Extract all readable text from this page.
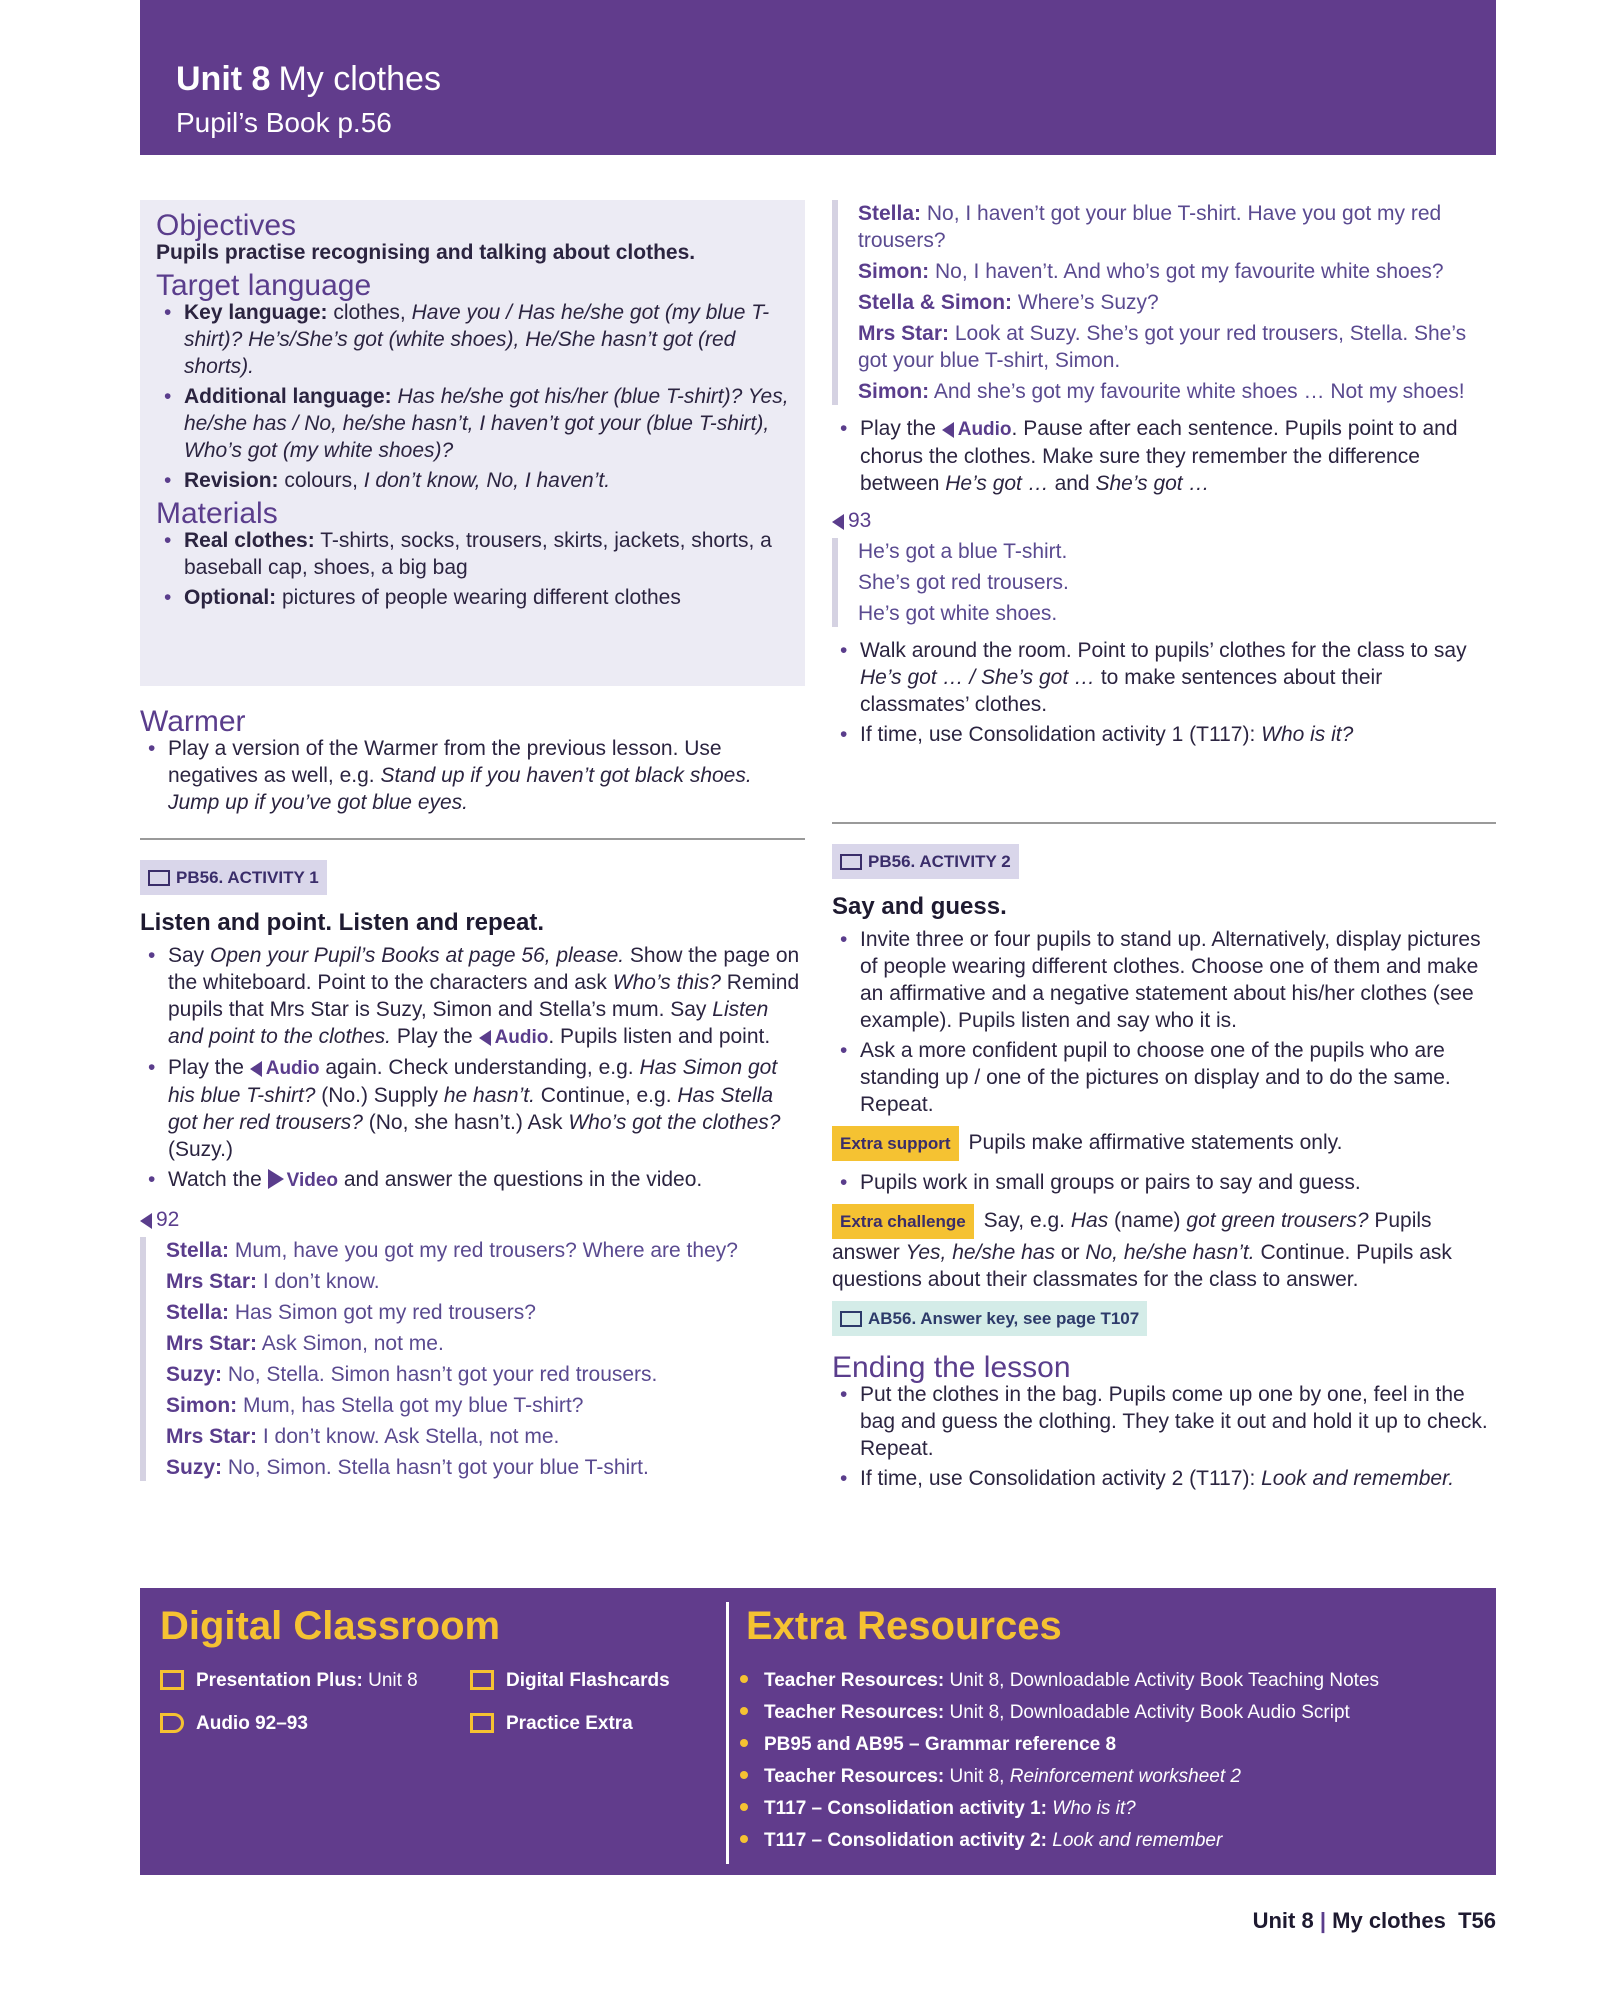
Unit 8 My clothes
Pupil’s Book p.56
Objectives

Pupils practise recognising and talking about clothes.

Target language
• Key language: clothes, Have you / Has he/she got (my blue T-shirt)? He’s/She’s got (white shoes), He/She hasn’t got (red shorts).
• Additional language: Has he/she got his/her (blue T-shirt)? Yes, he/she has / No, he/she hasn’t, I haven’t got your (blue T-shirt), Who’s got (my white shoes)?
• Revision: colours, I don’t know, No, I haven’t.
Materials
• Real clothes: T-shirts, socks, trousers, skirts, jackets, shorts, a baseball cap, shoes, a big bag
• Optional: pictures of people wearing different clothes
Warmer
• Play a version of the Warmer from the previous lesson. Use negatives as well, e.g. Stand up if you haven’t got black shoes. Jump up if you’ve got blue eyes.
PB56. ACTIVITY 1
Listen and point. Listen and repeat.
• Say Open your Pupil’s Books at page 56, please. Show the page on the whiteboard. Point to the characters and ask Who’s this? Remind pupils that Mrs Star is Suzy, Simon and Stella’s mum. Say Listen and point to the clothes. Play the Audio. Pupils listen and point.
• Play the Audio again. Check understanding, e.g. Has Simon got his blue T-shirt? (No.) Supply he hasn’t. Continue, e.g. Has Stella got her red trousers? (No, she hasn’t.) Ask Who’s got the clothes? (Suzy.)
• Watch the Video and answer the questions in the video.
92

Stella: Mum, have you got my red trousers? Where are they?

Mrs Star: I don’t know.

Stella: Has Simon got my red trousers?

Mrs Star: Ask Simon, not me.

Suzy: No, Stella. Simon hasn’t got your red trousers.

Simon: Mum, has Stella got my blue T-shirt?

Mrs Star: I don’t know. Ask Stella, not me.

Suzy: No, Simon. Stella hasn’t got your blue T-shirt.

Stella: No, I haven’t got your blue T-shirt. Have you got my red trousers?

Simon: No, I haven’t. And who’s got my favourite white shoes?

Stella & Simon: Where’s Suzy?

Mrs Star: Look at Suzy. She’s got your red trousers, Stella. She’s got your blue T-shirt, Simon.

Simon: And she’s got my favourite white shoes … Not my shoes!

• Play the Audio. Pause after each sentence. Pupils point to and chorus the clothes. Make sure they remember the difference between He’s got … and She’s got …
93

He’s got a blue T-shirt.

She’s got red trousers.

He’s got white shoes.

• Walk around the room. Point to pupils’ clothes for the class to say He’s got … / She’s got … to make sentences about their classmates’ clothes.
• If time, use Consolidation activity 1 (T117): Who is it?
PB56. ACTIVITY 2
Say and guess.
• Invite three or four pupils to stand up. Alternatively, display pictures of people wearing different clothes. Choose one of them and make an affirmative and a negative statement about his/her clothes (see example). Pupils listen and say who it is.
• Ask a more confident pupil to choose one of the pupils who are standing up / one of the pictures on display and to do the same. Repeat.

Extra support Pupils make affirmative statements only.

• Pupils work in small groups or pairs to say and guess.

Extra challenge Say, e.g. Has (name) got green trousers? Pupils answer Yes, he/she has or No, he/she hasn’t. Continue. Pupils ask questions about their classmates for the class to answer.

AB56. Answer key, see page T107
Ending the lesson
• Put the clothes in the bag. Pupils come up one by one, feel in the bag and guess the clothing. They take it out and hold it up to check. Repeat.
• If time, use Consolidation activity 2 (T117): Look and remember.
Digital Classroom
Presentation Plus: Unit 8
Audio 92–93
Digital Flashcards
Practice Extra
Extra Resources
Teacher Resources: Unit 8, Downloadable Activity Book Teaching Notes
Teacher Resources: Unit 8, Downloadable Activity Book Audio Script
PB95 and AB95 – Grammar reference 8
Teacher Resources: Unit 8, Reinforcement worksheet 2
T117 – Consolidation activity 1: Who is it?
T117 – Consolidation activity 2: Look and remember
Unit 8 | My clothes T56
